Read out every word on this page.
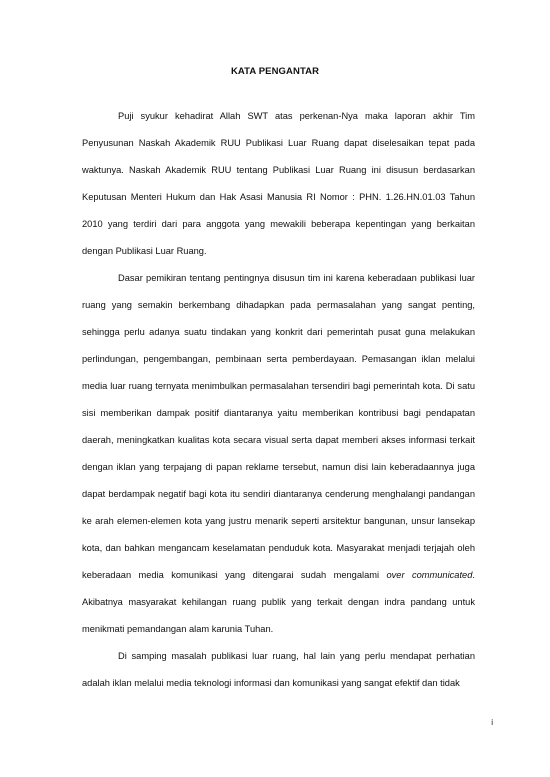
KATA PENGANTAR

Puji syukur kehadirat Allah SWT atas perkenan-Nya maka laporan akhir Tim Penyusunan Naskah Akademik RUU Publikasi Luar Ruang dapat diselesaikan tepat pada waktunya. Naskah Akademik RUU tentang Publikasi Luar Ruang ini disusun berdasarkan Keputusan Menteri Hukum dan Hak Asasi Manusia RI Nomor : PHN. 1.26.HN.01.03 Tahun 2010 yang terdiri dari para anggota yang mewakili beberapa kepentingan yang berkaitan dengan Publikasi Luar Ruang.

Dasar pemikiran tentang pentingnya disusun tim ini karena keberadaan publikasi luar ruang yang semakin berkembang dihadapkan pada permasalahan yang sangat penting, sehingga perlu adanya suatu tindakan yang konkrit dari pemerintah pusat guna melakukan perlindungan, pengembangan, pembinaan serta pemberdayaan. Pemasangan iklan melalui media luar ruang ternyata menimbulkan permasalahan tersendiri bagi pemerintah kota. Di satu sisi memberikan dampak positif diantaranya yaitu memberikan kontribusi bagi pendapatan daerah, meningkatkan kualitas kota secara visual serta dapat memberi akses informasi terkait dengan iklan yang terpajang di papan reklame tersebut, namun disi lain keberadaannya juga dapat berdampak negatif bagi kota itu sendiri diantaranya cenderung menghalangi pandangan ke arah elemen-elemen kota yang justru menarik seperti arsitektur bangunan, unsur lansekap kota, dan bahkan mengancam keselamatan penduduk kota. Masyarakat menjadi terjajah oleh keberadaan media komunikasi yang ditengarai sudah mengalami over communicated. Akibatnya masyarakat kehilangan ruang publik yang terkait dengan indra pandang untuk menikmati pemandangan alam karunia Tuhan.

Di samping masalah publikasi luar ruang, hal lain yang perlu mendapat perhatian adalah iklan melalui media teknologi informasi dan komunikasi yang sangat efektif dan tidak

i
